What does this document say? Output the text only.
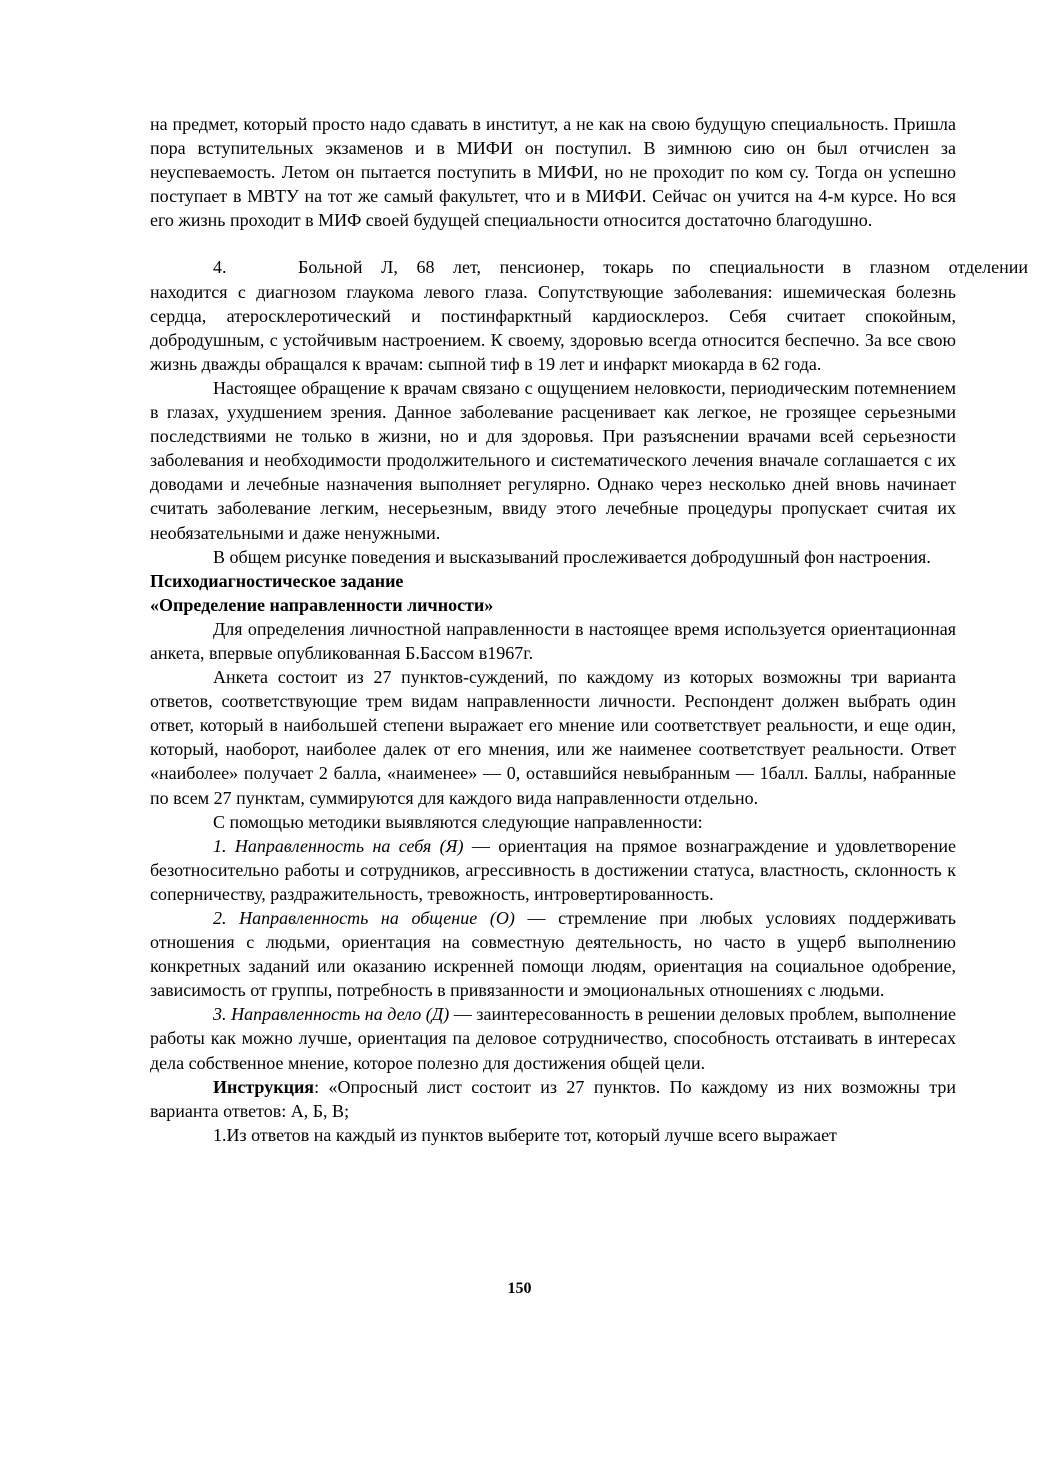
на предмет, который просто надо сдавать в институт, а не как на свою будущую специальность. Пришла пора вступительных экзаменов и в МИФИ он поступил. В зимнюю сию он был отчислен за неуспеваемость. Летом он пытается поступить в МИФИ, но не проходит по ком су. Тогда он успешно поступает в МВТУ на тот же самый факультет, что и в МИФИ. Сейчас он учится на 4-м курсе. Но вся его жизнь проходит в МИФ своей будущей специальности относится достаточно благодушно.

4.	Больной Л, 68 лет, пенсионер, токарь по специальности в глазном отделении

находится с диагнозом глаукома левого глаза. Сопутствующие заболевания: ишемическая болезнь сердца, атеросклеротический и постинфарктный кардиосклероз. Себя считает спокойным, добродушным, с устойчивым настроением. К своему, здоровью всегда относится беспечно. За все свою жизнь дважды обращался к врачам: сыпной тиф в 19 лет и инфаркт миокарда в 62 года.

Настоящее обращение к врачам связано с ощущением неловкости, периодическим потемнением в глазах, ухудшением зрения. Данное заболевание расценивает как легкое, не грозящее серьезными последствиями не только в жизни, но и для здоровья. При разъяснении врачами всей серьезности заболевания и необходимости продолжительного и систематического лечения вначале соглашается с их доводами и лечебные назначения выполняет регулярно. Однако через несколько дней вновь начинает считать заболевание легким, несерьезным, ввиду этого лечебные процедуры пропускает считая их необязательными и даже ненужными.

В общем рисунке поведения и высказываний прослеживается добродушный фон настроения.

Психодиагностическое задание

«Определение направленности личности»

Для определения личностной направленности в настоящее время используется ориентационная анкета, впервые опубликованная Б.Бассом в1967г.

Анкета состоит из 27 пунктов-суждений, по каждому из которых возможны три варианта ответов, соответствующие трем видам направленности личности. Респондент должен выбрать один ответ, который в наибольшей степени выражает его мнение или соответствует реальности, и еще один, который, наоборот, наиболее далек от его мнения, или же наименее соответствует реальности. Ответ «наиболее» получает 2 балла, «наименее» — 0, оставшийся невыбранным — 1балл. Баллы, набранные по всем 27 пунктам, суммируются для каждого вида направленности отдельно.

С помощью методики выявляются следующие направленности:

1. Направленность на себя (Я) — ориентация на прямое вознаграждение и удовлетворение безотносительно работы и сотрудников, агрессивность в достижении статуса, властность, склонность к соперничеству, раздражительность, тревожность, интровертированность.

2. Направленность на общение (О) — стремление при любых условиях поддерживать отношения с людьми, ориентация на совместную деятельность, но часто в ущерб выполнению конкретных заданий или оказанию искренней помощи людям, ориентация на социальное одобрение, зависимость от группы, потребность в привязанности и эмоциональных отношениях с людьми.

3. Направленность на дело (Д) — заинтересованность в решении деловых проблем, выполнение работы как можно лучше, ориентация па деловое сотрудничество, способность отстаивать в интересах дела собственное мнение, которое полезно для достижения общей цели.

Инструкция: «Опросный лист состоит из 27 пунктов. По каждому из них возможны три варианта ответов: А, Б, В;

1.Из ответов на каждый из пунктов выберите тот, который лучше всего выражает

150
